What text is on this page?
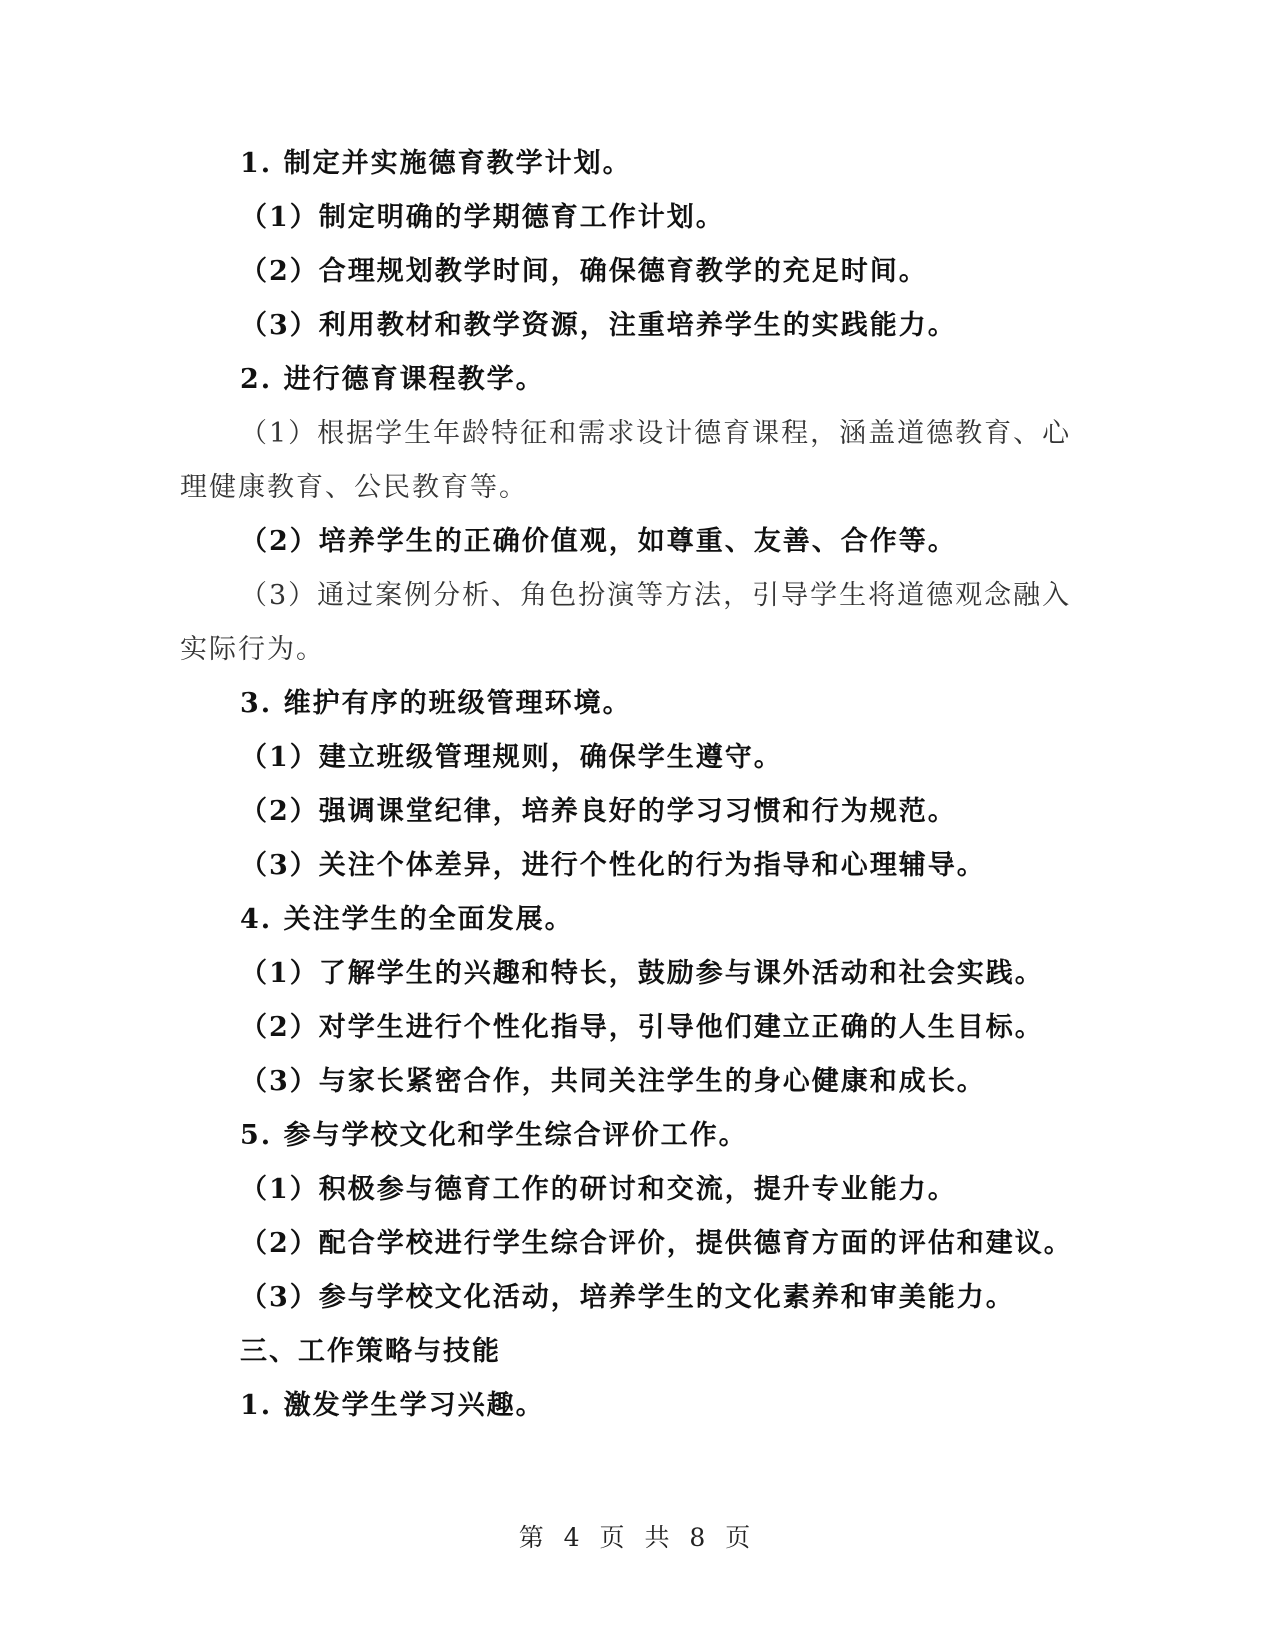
1. 制定并实施德育教学计划。
（1）制定明确的学期德育工作计划。
（2）合理规划教学时间，确保德育教学的充足时间。
（3）利用教材和教学资源，注重培养学生的实践能力。
2. 进行德育课程教学。
（1）根据学生年龄特征和需求设计德育课程，涵盖道德教育、心
理健康教育、公民教育等。
（2）培养学生的正确价值观，如尊重、友善、合作等。
（3）通过案例分析、角色扮演等方法，引导学生将道德观念融入
实际行为。
3. 维护有序的班级管理环境。
（1）建立班级管理规则，确保学生遵守。
（2）强调课堂纪律，培养良好的学习习惯和行为规范。
（3）关注个体差异，进行个性化的行为指导和心理辅导。
4. 关注学生的全面发展。
（1）了解学生的兴趣和特长，鼓励参与课外活动和社会实践。
（2）对学生进行个性化指导，引导他们建立正确的人生目标。
（3）与家长紧密合作，共同关注学生的身心健康和成长。
5. 参与学校文化和学生综合评价工作。
（1）积极参与德育工作的研讨和交流，提升专业能力。
（2）配合学校进行学生综合评价，提供德育方面的评估和建议。
（3）参与学校文化活动，培养学生的文化素养和审美能力。
三、工作策略与技能
1. 激发学生学习兴趣。
第 4 页 共 8 页
